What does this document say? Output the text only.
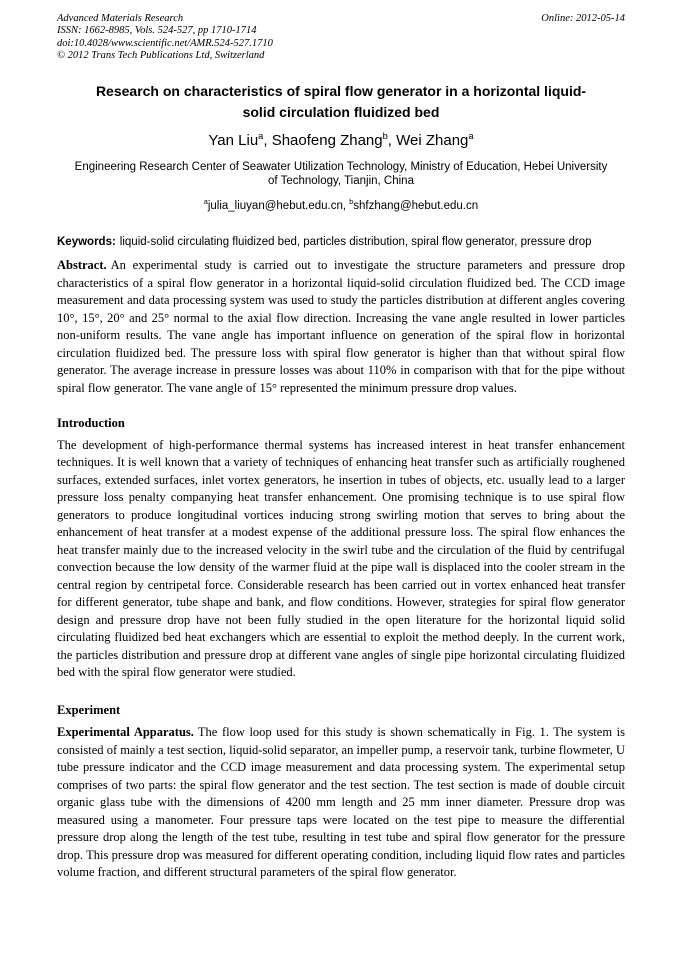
Advanced Materials Research	Online: 2012-05-14
ISSN: 1662-8985, Vols. 524-527, pp 1710-1714
doi:10.4028/www.scientific.net/AMR.524-527.1710
© 2012 Trans Tech Publications Ltd, Switzerland
Research on characteristics of spiral flow generator in a horizontal liquid-solid circulation fluidized bed
Yan Liu$^a$, Shaofeng Zhang$^b$, Wei Zhang$^a$
Engineering Research Center of Seawater Utilization Technology, Ministry of Education, Hebei University of Technology, Tianjin, China
$^a$julia_liuyan@hebut.edu.cn, $^b$shfzhang@hebut.edu.cn

Keywords: liquid-solid circulating fluidized bed, particles distribution, spiral flow generator, pressure drop

Abstract. An experimental study is carried out to investigate the structure parameters and pressure drop characteristics of a spiral flow generator in a horizontal liquid-solid circulation fluidized bed. The CCD image measurement and data processing system was used to study the particles distribution at different angles covering 10°, 15°, 20° and 25° normal to the axial flow direction. Increasing the vane angle resulted in lower particles non-uniform results. The vane angle has important influence on generation of the spiral flow in horizontal circulation fluidized bed. The pressure loss with spiral flow generator is higher than that without spiral flow generator. The average increase in pressure losses was about 110% in comparison with that for the pipe without spiral flow generator. The vane angle of 15° represented the minimum pressure drop values.

Introduction

The development of high-performance thermal systems has increased interest in heat transfer enhancement techniques. It is well known that a variety of techniques of enhancing heat transfer such as artificially roughened surfaces, extended surfaces, inlet vortex generators, he insertion in tubes of objects, etc. usually lead to a larger pressure loss penalty companying heat transfer enhancement. One promising technique is to use spiral flow generators to produce longitudinal vortices inducing strong swirling motion that serves to bring about the enhancement of heat transfer at a modest expense of the additional pressure loss. The spiral flow enhances the heat transfer mainly due to the increased velocity in the swirl tube and the circulation of the fluid by centrifugal convection because the low density of the warmer fluid at the pipe wall is displaced into the cooler stream in the central region by centripetal force. Considerable research has been carried out in vortex enhanced heat transfer for different generator, tube shape and bank, and flow conditions. However, strategies for spiral flow generator design and pressure drop have not been fully studied in the open literature for the horizontal liquid solid circulating fluidized bed heat exchangers which are essential to exploit the method deeply. In the current work, the particles distribution and pressure drop at different vane angles of single pipe horizontal circulating fluidized bed with the spiral flow generator were studied.

Experiment

Experimental Apparatus. The flow loop used for this study is shown schematically in Fig. 1. The system is consisted of mainly a test section, liquid-solid separator, an impeller pump, a reservoir tank, turbine flowmeter, U tube pressure indicator and the CCD image measurement and data processing system. The experimental setup comprises of two parts: the spiral flow generator and the test section. The test section is made of double circuit organic glass tube with the dimensions of 4200 mm length and 25 mm inner diameter. Pressure drop was measured using a manometer. Four pressure taps were located on the test pipe to measure the differential pressure drop along the length of the test tube, resulting in test tube and spiral flow generator for the pressure drop. This pressure drop was measured for different operating condition, including liquid flow rates and particles volume fraction, and different structural parameters of the spiral flow generator.
